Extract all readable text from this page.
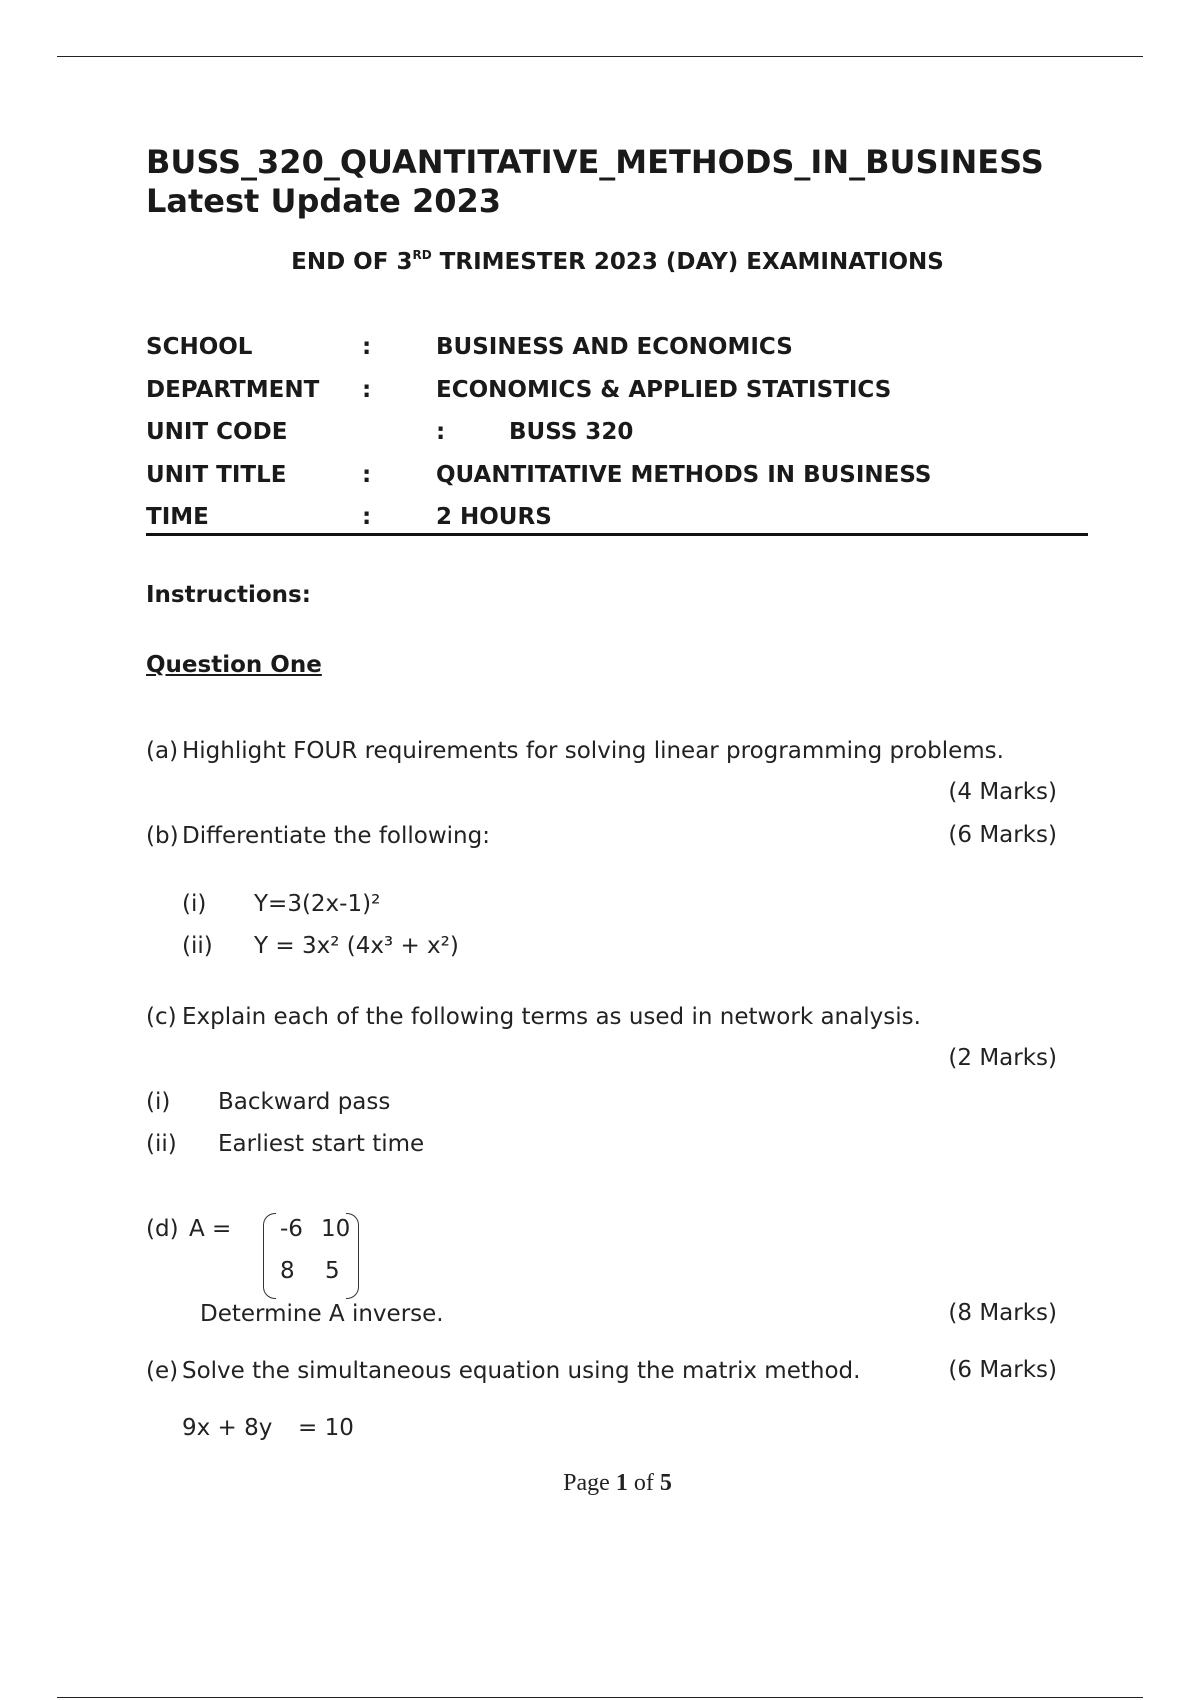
BUSS_320_QUANTITATIVE_METHODS_IN_BUSINESS
Latest Update 2023
END OF 3RD TRIMESTER 2023 (DAY) EXAMINATIONS
SCHOOL	:	BUSINESS AND ECONOMICS
DEPARTMENT :	ECONOMICS & APPLIED STATISTICS
UNIT CODE	:	BUSS 320
UNIT TITLE	:	QUANTITATIVE METHODS IN BUSINESS
TIME	:	2 HOURS
Instructions:
Question One
(a) Highlight FOUR requirements for solving linear programming problems.
(4 Marks)
(b) Differentiate the following:	(6 Marks)
(i) Y=3(2x-1)²
(ii) Y = 3x² (4x³ + x²)
(c) Explain each of the following terms as used in network analysis.
(2 Marks)
(i) Backward pass
(ii) Earliest start time
(d) A = -6 10
8 5
Determine A inverse.	(8 Marks)
(e) Solve the simultaneous equation using the matrix method.	(6 Marks)
9x + 8y = 10
Page 1 of 5
